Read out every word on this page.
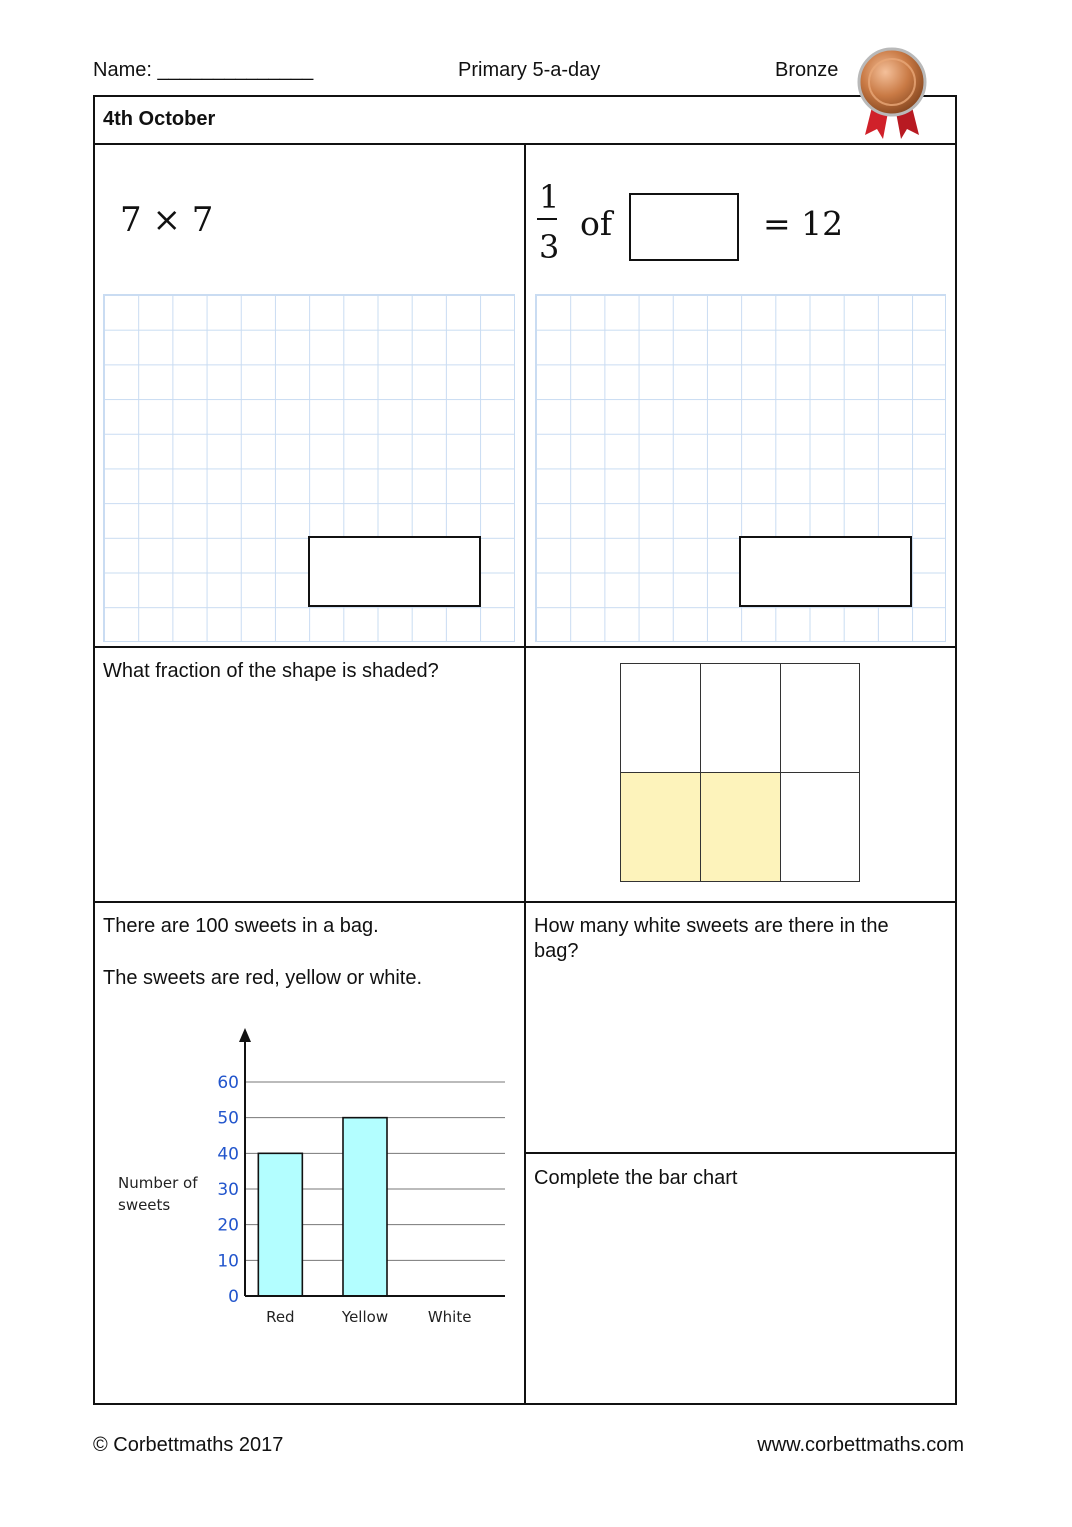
Name: ______________	Primary 5-a-day	Bronze
4th October
7 × 7
1
3
of	= 12
What fraction of the shape is shaded?
There are 100 sweets in a bag.
The sweets are red, yellow or white.
How many white sweets are there in the bag?
Complete the bar chart
0
10
20
30
40
50
60
Red	Yellow	White
Number of
sweets
© Corbettmaths 2017	www.corbettmaths.com
